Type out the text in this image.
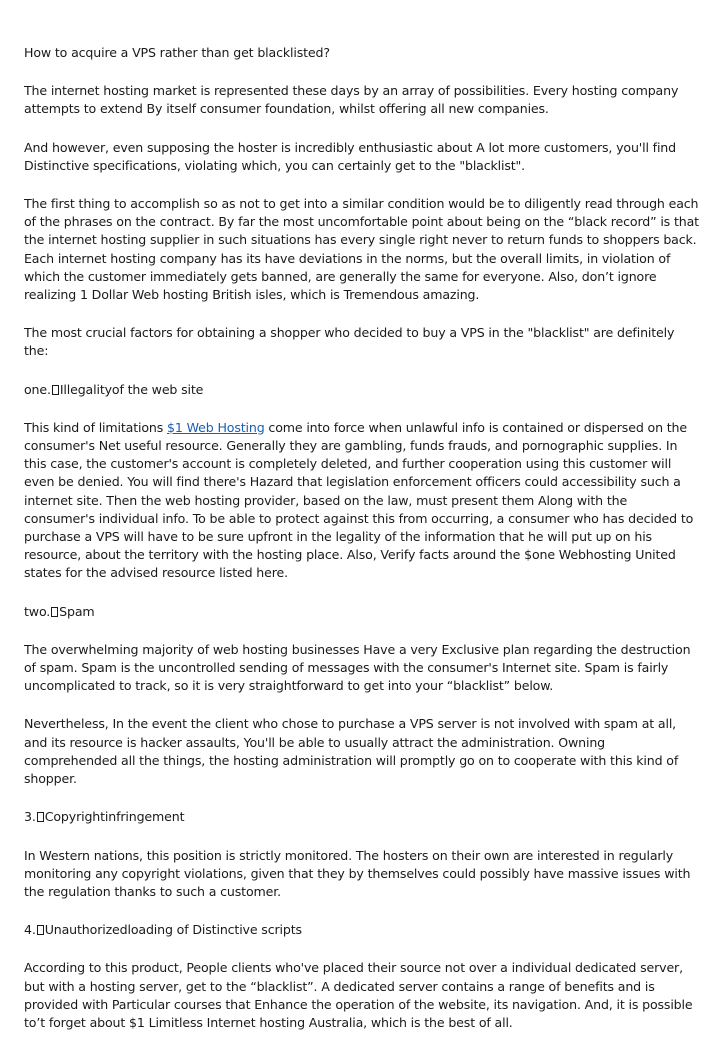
How to acquire a VPS rather than get blacklisted?

The internet hosting market is represented these days by an array of possibilities. Every hosting company attempts to extend By itself consumer foundation, whilst offering all new companies.

And however, even supposing the hoster is incredibly enthusiastic about A lot more customers, you'll find Distinctive specifications, violating which, you can certainly get to the "blacklist".

The first thing to accomplish so as not to get into a similar condition would be to diligently read through each of the phrases on the contract. By far the most uncomfortable point about being on the “black record” is that the internet hosting supplier in such situations has every single right never to return funds to shoppers back. Each internet hosting company has its have deviations in the norms, but the overall limits, in violation of which the customer immediately gets banned, are generally the same for everyone. Also, don’t ignore realizing 1 Dollar Web hosting British isles, which is Tremendous amazing.

The most crucial factors for obtaining a shopper who decided to buy a VPS in the "blacklist" are definitely the:

one. Illegalityof the web site

This kind of limitations $1 Web Hosting come into force when unlawful info is contained or dispersed on the consumer's Net useful resource. Generally they are gambling, funds frauds, and pornographic supplies. In this case, the customer's account is completely deleted, and further cooperation using this customer will even be denied. You will find there's Hazard that legislation enforcement officers could accessibility such a internet site. Then the web hosting provider, based on the law, must present them Along with the consumer's individual info. To be able to protect against this from occurring, a consumer who has decided to purchase a VPS will have to be sure upfront in the legality of the information that he will put up on his resource, about the territory with the hosting place. Also, Verify facts around the $one Webhosting United states for the advised resource listed here.

two. Spam

The overwhelming majority of web hosting businesses Have a very Exclusive plan regarding the destruction of spam. Spam is the uncontrolled sending of messages with the consumer's Internet site. Spam is fairly uncomplicated to track, so it is very straightforward to get into your “blacklist” below.

Nevertheless, In the event the client who chose to purchase a VPS server is not involved with spam at all, and its resource is hacker assaults, You'll be able to usually attract the administration. Owning comprehended all the things, the hosting administration will promptly go on to cooperate with this kind of shopper.

3. Copyrightinfringement

In Western nations, this position is strictly monitored. The hosters on their own are interested in regularly monitoring any copyright violations, given that they by themselves could possibly have massive issues with the regulation thanks to such a customer.

4. Unauthorizedloading of Distinctive scripts

According to this product, People clients who've placed their source not over a individual dedicated server, but with a hosting server, get to the “blacklist”. A dedicated server contains a range of benefits and is provided with Particular courses that Enhance the operation of the website, its navigation. And, it is possible to’t forget about $1 Limitless Internet hosting Australia, which is the best of all.
